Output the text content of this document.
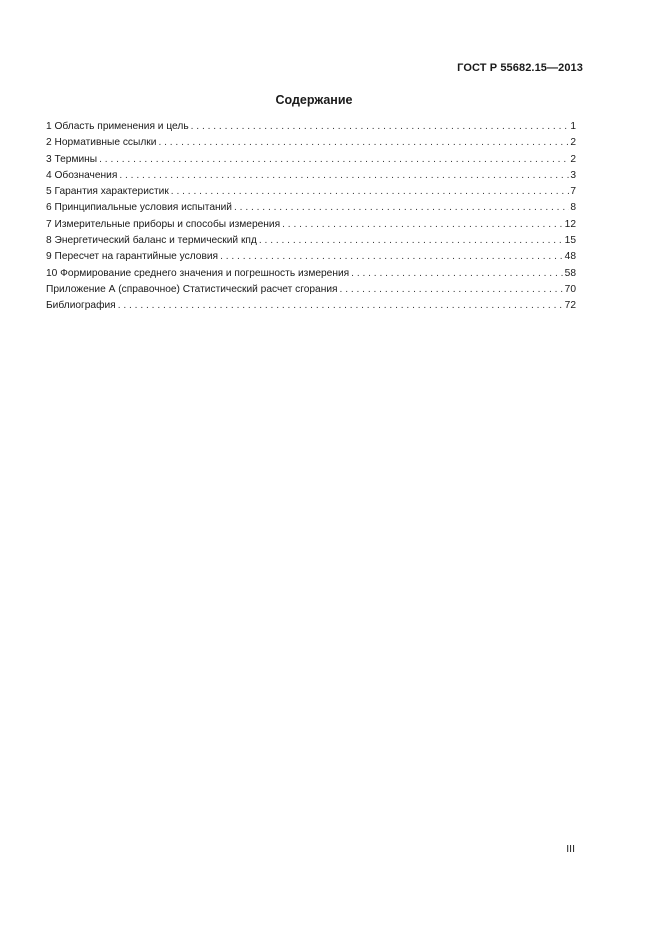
ГОСТ Р 55682.15—2013
Содержание
1 Область применения и цель . . .	1
2 Нормативные ссылки . . .	2
3 Термины . . .	2
4 Обозначения . . .	3
5 Гарантия характеристик . . .	7
6 Принципиальные условия испытаний . . .	8
7 Измерительные приборы и способы измерения . . .	12
8 Энергетический баланс и термический кпд . . .	15
9 Пересчет на гарантийные условия . . .	48
10 Формирование среднего значения и погрешность измерения . . .	58
Приложение А (справочное) Статистический расчет сгорания . . .	70
Библиография . . .	72
III
